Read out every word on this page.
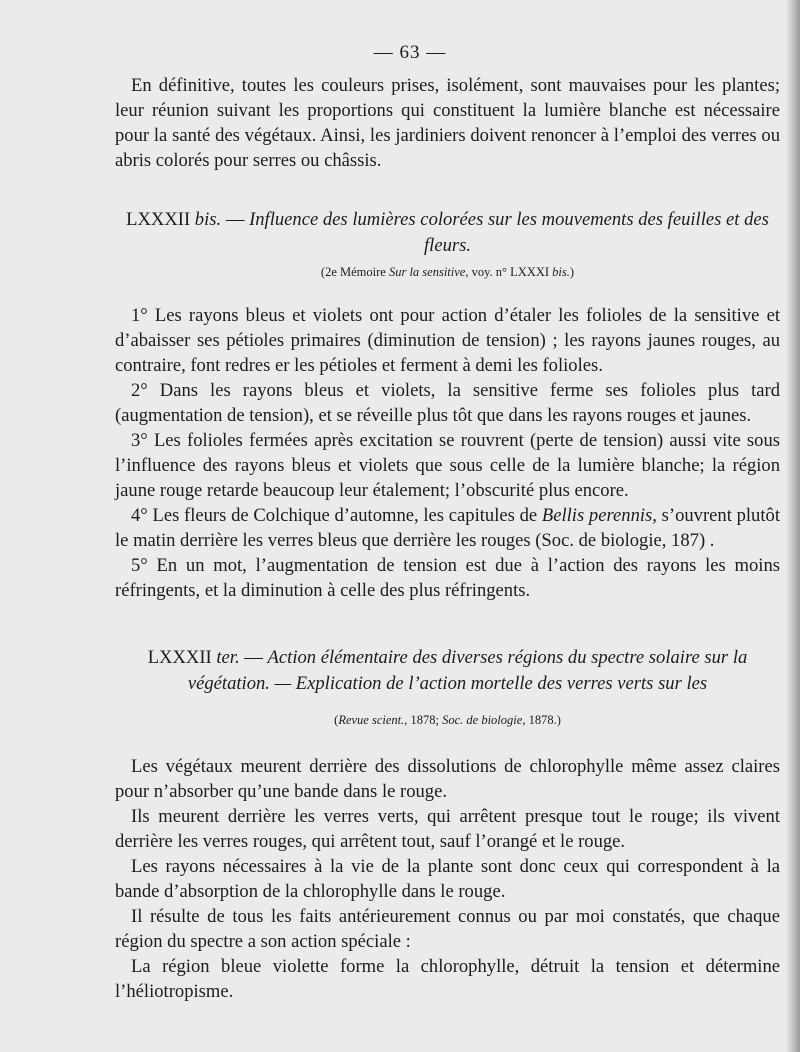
— 63 —

En définitive, toutes les couleurs prises, isolément, sont mauvaises pour les plantes; leur réunion suivant les proportions qui constituent la lumière blanche est nécessaire pour la santé des végétaux. Ainsi, les jardiniers doivent renoncer à l’emploi des verres ou abris colorés pour serres ou châssis.

LXXXII bis. — Influence des lumières colorées sur les mouvements des feuilles et des fleurs.
(2e Mémoire Sur la sensitive, voy. n° LXXXI bis.)

1° Les rayons bleus et violets ont pour action d’étaler les folioles de la sensitive et d’abaisser ses pétioles primaires (diminution de tension) ; les rayons jaunes rouges, au contraire, font redres er les pétioles et ferment à demi les folioles.

2° Dans les rayons bleus et violets, la sensitive ferme ses folioles plus tard (augmentation de tension), et se réveille plus tôt que dans les rayons rouges et jaunes.

3° Les folioles fermées après excitation se rouvrent (perte de tension) aussi vite sous l’influence des rayons bleus et violets que sous celle de la lumière blanche; la région jaune rouge retarde beaucoup leur étalement; l’obscurité plus encore.

4° Les fleurs de Colchique d’automne, les capitules de Bellis perennis, s’ouvrent plutôt le matin derrière les verres bleus que derrière les rouges (Soc. de biologie, 187) .

5° En un mot, l’augmentation de tension est due à l’action des rayons les moins réfringents, et la diminution à celle des plus réfringents.

LXXXII ter. — Action élémentaire des diverses régions du spectre solaire sur la végétation. — Explication de l’action mortelle des verres verts sur les
(Revue scient., 1878; Soc. de biologie, 1878.)

Les végétaux meurent derrière des dissolutions de chlorophylle même assez claires pour n’absorber qu’une bande dans le rouge.

Ils meurent derrière les verres verts, qui arrêtent presque tout le rouge; ils vivent derrière les verres rouges, qui arrêtent tout, sauf l’orangé et le rouge.

Les rayons nécessaires à la vie de la plante sont donc ceux qui correspondent à la bande d’absorption de la chlorophylle dans le rouge.

Il résulte de tous les faits antérieurement connus ou par moi constatés, que chaque région du spectre a son action spéciale :

La région bleue violette forme la chlorophylle, détruit la tension et détermine l’héliotropisme.
